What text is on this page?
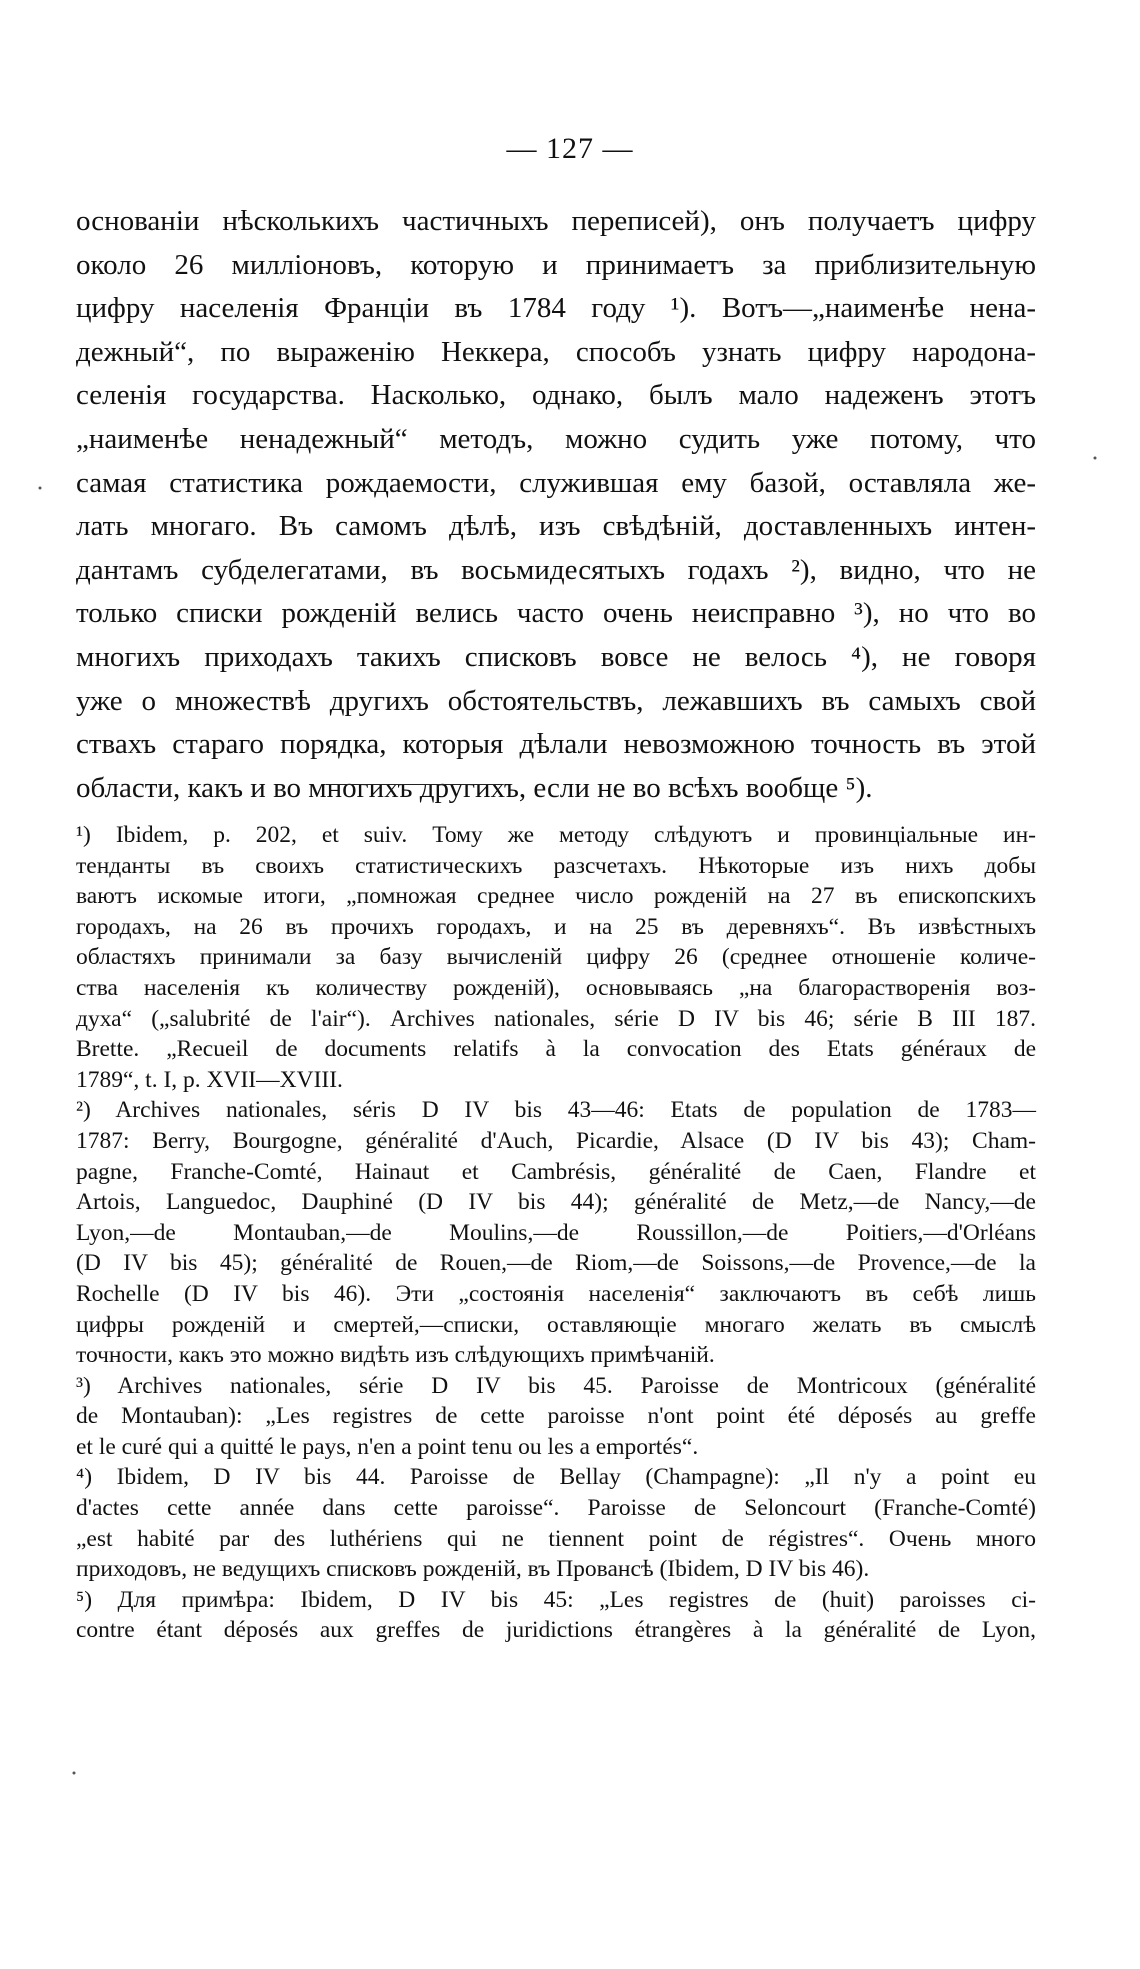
— 127 —
основаніи нѣсколькихъ частичныхъ переписей), онъ получаетъ цифру
около 26 милліоновъ, которую и принимаетъ за приблизительную
цифру населенія Франціи въ 1784 году ¹). Вотъ—„наименѣе нена-
дежный“, по выраженію Неккера, способъ узнать цифру народона-
селенія государства. Насколько, однако, былъ мало надеженъ этотъ
„наименѣе ненадежный“ методъ, можно судить уже потому, что
самая статистика рождаемости, служившая ему базой, оставляла же-
лать многаго. Въ самомъ дѣлѣ, изъ свѣдѣній, доставленныхъ интен-
дантамъ субделегатами, въ восьмидесятыхъ годахъ ²), видно, что не
только списки рожденій велись часто очень неисправно ³), но что во
многихъ приходахъ такихъ списковъ вовсе не велось ⁴), не говоря
уже о множествѣ другихъ обстоятельствъ, лежавшихъ въ самыхъ свой
ствахъ стараго порядка, которыя дѣлали невозможною точность въ этой
области, какъ и во многихъ другихъ, если не во всѣхъ вообще ⁵).
¹) Ibidem, p. 202, et suiv. Тому же методу слѣдуютъ и провинціальные ин-
тенданты въ своихъ статистическихъ разсчетахъ. Нѣкоторые изъ нихъ добы
ваютъ искомые итоги, „помножая среднее число рожденій на 27 въ епископскихъ
городахъ, на 26 въ прочихъ городахъ, и на 25 въ деревняхъ“. Въ извѣстныхъ
областяхъ принимали за базу вычисленій цифру 26 (среднее отношеніе количе-
ства населенія къ количеству рожденій), основываясь „на благорастворенія воз-
духа“ („salubrité de l'air“). Archives nationales, série D IV bis 46; série B III 187.
Brette. „Recueil de documents relatifs à la convocation des Etats généraux de
1789“, t. I, p. XVII—XVIII.
²) Archives nationales, séris D IV bis 43—46: Etats de population de 1783—
1787: Berry, Bourgogne, généralité d'Auch, Picardie, Alsace (D IV bis 43); Cham-
pagne, Franche-Comté, Hainaut et Cambrésis, généralité de Caen, Flandre et
Artois, Languedoc, Dauphiné (D IV bis 44); généralité de Metz,—de Nancy,—de
Lyon,—de Montauban,—de Moulins,—de Roussillon,—de Poitiers,—d'Orléans
(D IV bis 45); généralité de Rouen,—de Riom,—de Soissons,—de Provence,—de la
Rochelle (D IV bis 46). Эти „состоянія населенія“ заключаютъ въ себѣ лишь
цифры рожденій и смертей,—списки, оставляющіе многаго желать въ смыслѣ
точности, какъ это можно видѣть изъ слѣдующихъ примѣчаній.
³) Archives nationales, série D IV bis 45. Paroisse de Montricoux (généralité
de Montauban): „Les registres de cette paroisse n'ont point été déposés au greffe
et le curé qui a quitté le pays, n'en a point tenu ou les a emportés“.
⁴) Ibidem, D IV bis 44. Paroisse de Bellay (Champagne): „Il n'y a point eu
d'actes cette année dans cette paroisse“. Paroisse de Seloncourt (Franche-Comté)
„est habité par des luthériens qui ne tiennent point de régistres“. Очень много
приходовъ, не ведущихъ списковъ рожденій, въ Провансѣ (Ibidem, D IV bis 46).
⁵) Для примѣра: Ibidem, D IV bis 45: „Les registres de (huit) paroisses ci-
contre étant déposés aux greffes de juridictions étrangères à la généralité de Lyon,
